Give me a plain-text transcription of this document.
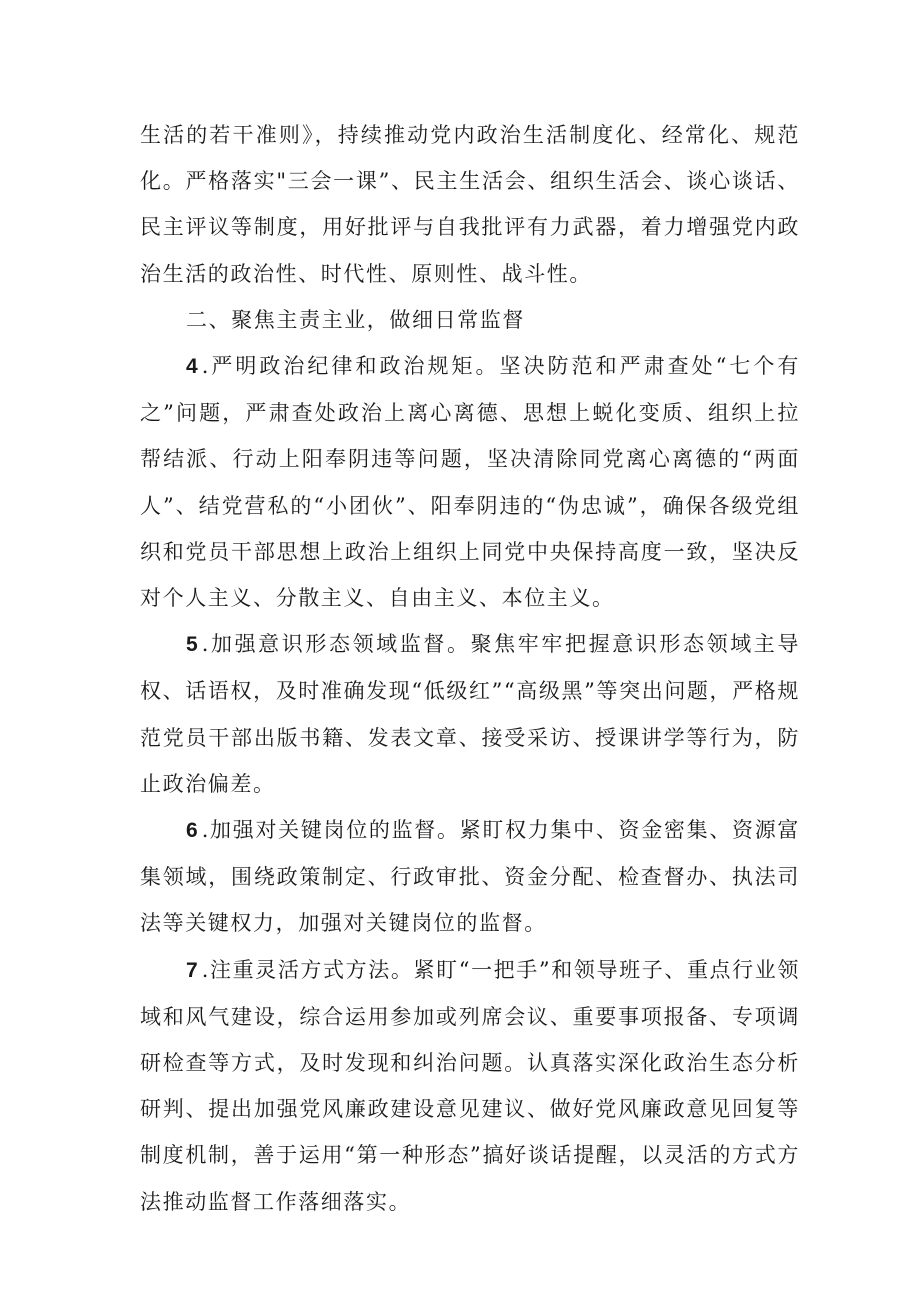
生活的若干准则》，持续推动党内政治生活制度化、经常化、规范化。严格落实"三会一课”、民主生活会、组织生活会、谈心谈话、民主评议等制度，用好批评与自我批评有力武器，着力增强党内政治生活的政治性、时代性、原则性、战斗性。

二、聚焦主责主业，做细日常监督

4.严明政治纪律和政治规矩。坚决防范和严肃查处“七个有之”问题，严肃查处政治上离心离德、思想上蜕化变质、组织上拉帮结派、行动上阳奉阴违等问题，坚决清除同党离心离德的“两面人”、结党营私的“小团伙”、阳奉阴违的“伪忠诚”，确保各级党组织和党员干部思想上政治上组织上同党中央保持高度一致，坚决反对个人主义、分散主义、自由主义、本位主义。

5.加强意识形态领域监督。聚焦牢牢把握意识形态领域主导权、话语权，及时准确发现“低级红”“高级黑”等突出问题，严格规范党员干部出版书籍、发表文章、接受采访、授课讲学等行为，防止政治偏差。

6.加强对关键岗位的监督。紧盯权力集中、资金密集、资源富集领域，围绕政策制定、行政审批、资金分配、检查督办、执法司法等关键权力，加强对关键岗位的监督。

7.注重灵活方式方法。紧盯“一把手”和领导班子、重点行业领域和风气建设，综合运用参加或列席会议、重要事项报备、专项调研检查等方式，及时发现和纠治问题。认真落实深化政治生态分析研判、提出加强党风廉政建设意见建议、做好党风廉政意见回复等制度机制，善于运用“第一种形态”搞好谈话提醒，以灵活的方式方法推动监督工作落细落实。
